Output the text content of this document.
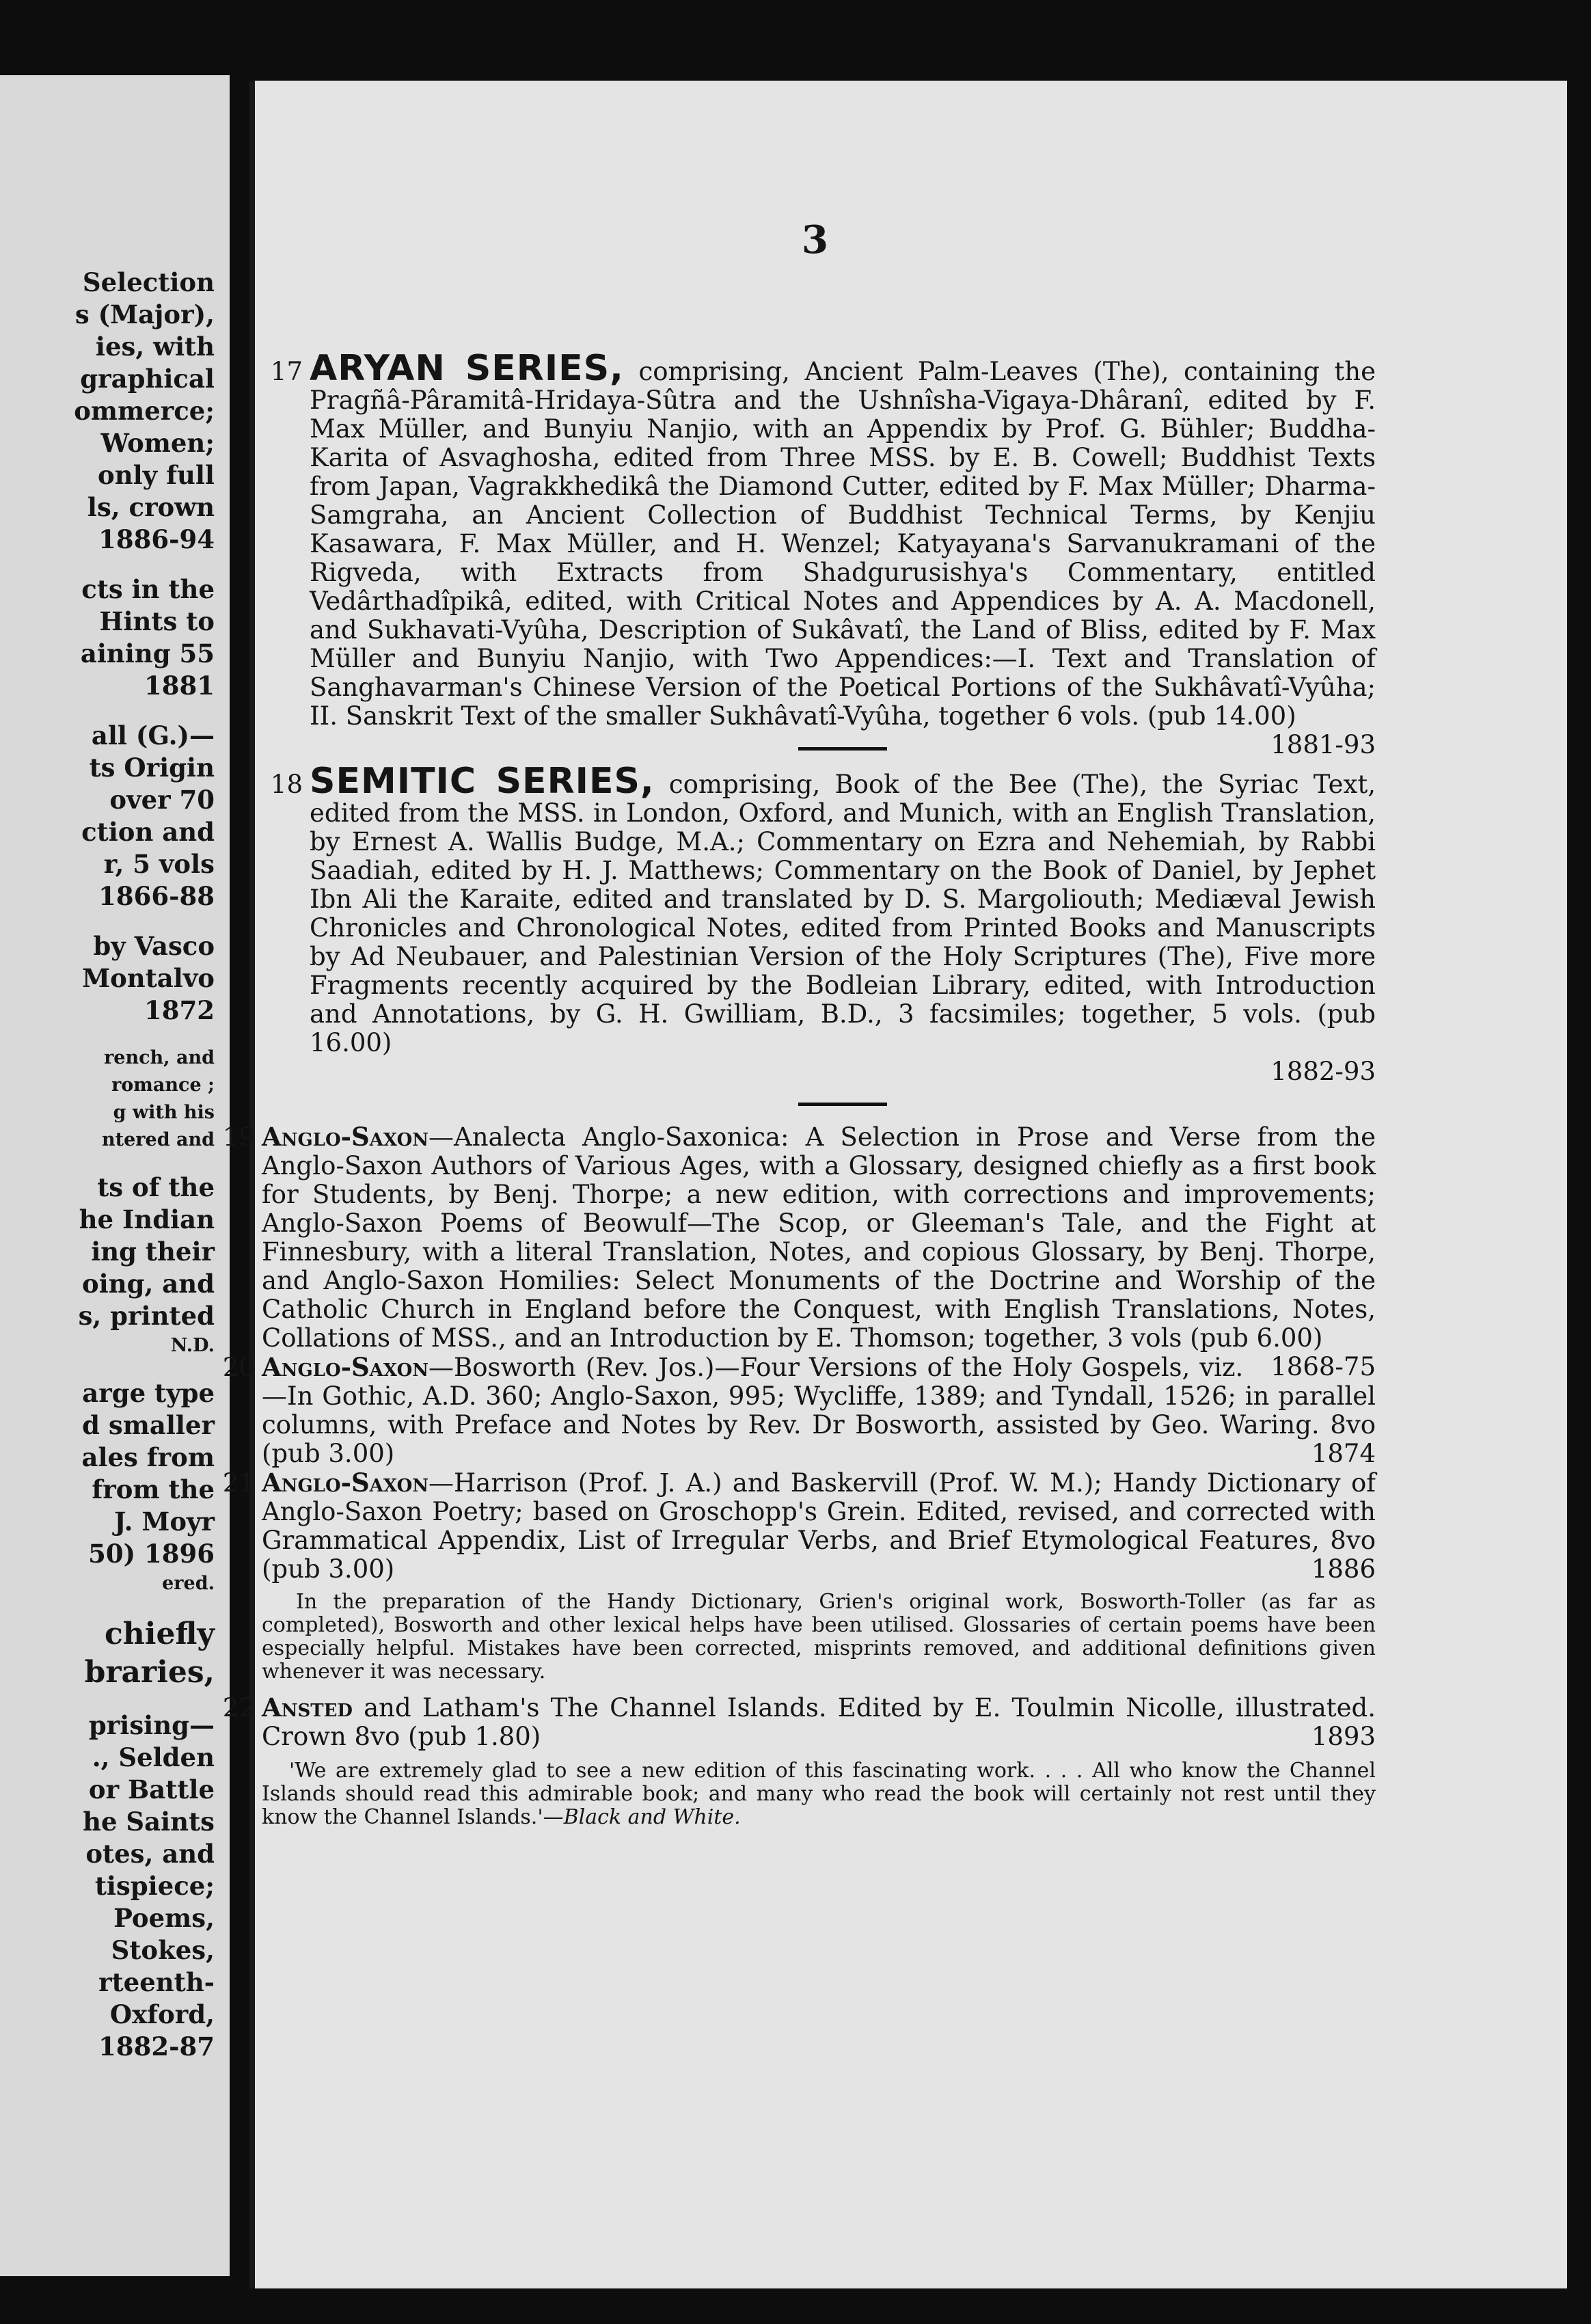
Selection
s (Major),
ies, with
graphical
ommerce;
Women;
only full
ls, crown
1886-94
cts in the
Hints to
aining 55
1881
all (G.)—
ts Origin
over 70
ction and
r, 5 vols
1866-88
by Vasco
Montalvo
1872
rench, and
romance ;
g with his
ntered and
ts of the
he Indian
ing their
oing, and
s, printed
N.D.
arge type
d smaller
ales from
from the
J. Moyr
50) 1896
ered.
chiefly
braries,
prising—
., Selden
or Battle
he Saints
otes, and
tispiece;
Poems,
Stokes,
rteenth-
Oxford,
1882-87
3
17 ARYAN SERIES, comprising, Ancient Palm-Leaves (The), containing the Pragñâ-Pâramitâ-Hridaya-Sûtra and the Ushnîsha-Vigaya-Dhâranî, edited by F. Max Müller, and Bunyiu Nanjio, with an Appendix by Prof. G. Bühler; Buddha-Karita of Asvaghosha, edited from Three MSS. by E. B. Cowell; Buddhist Texts from Japan, Vagrakkhedikâ the Diamond Cutter, edited by F. Max Müller; Dharma-Samgraha, an Ancient Collection of Buddhist Technical Terms, by Kenjiu Kasawara, F. Max Müller, and H. Wenzel; Katyayana's Sarvanukramani of the Rigveda, with Extracts from Shadgurusishya's Commentary, entitled Vedârthadîpikâ, edited, with Critical Notes and Appendices by A. A. Macdonell, and Sukhavati-Vyûha, Description of Sukâvatî, the Land of Bliss, edited by F. Max Müller and Bunyiu Nanjio, with Two Appendices:—I. Text and Translation of Sanghavarman's Chinese Version of the Poetical Portions of the Sukhâvatî-Vyûha; II. Sanskrit Text of the smaller Sukhâvatî-Vyûha, together 6 vols. (pub 14.00)
1881-93
18 SEMITIC SERIES, comprising, Book of the Bee (The), the Syriac Text, edited from the MSS. in London, Oxford, and Munich, with an English Translation, by Ernest A. Wallis Budge, M.A.; Commentary on Ezra and Nehemiah, by Rabbi Saadiah, edited by H. J. Matthews; Commentary on the Book of Daniel, by Jephet Ibn Ali the Karaite, edited and translated by D. S. Margoliouth; Mediæval Jewish Chronicles and Chronological Notes, edited from Printed Books and Manuscripts by Ad Neubauer, and Palestinian Version of the Holy Scriptures (The), Five more Fragments recently acquired by the Bodleian Library, edited, with Introduction and Annotations, by G. H. Gwilliam, B.D., 3 facsimiles; together, 5 vols. (pub 16.00)
1882-93
19 Anglo-Saxon—Analecta Anglo-Saxonica: A Selection in Prose and Verse from the Anglo-Saxon Authors of Various Ages, with a Glossary, designed chiefly as a first book for Students, by Benj. Thorpe; a new edition, with corrections and improvements; Anglo-Saxon Poems of Beowulf—The Scop, or Gleeman's Tale, and the Fight at Finnesbury, with a literal Translation, Notes, and copious Glossary, by Benj. Thorpe, and Anglo-Saxon Homilies: Select Monuments of the Doctrine and Worship of the Catholic Church in England before the Conquest, with English Translations, Notes, Collations of MSS., and an Introduction by E. Thomson; together, 3 vols (pub 6.00)
1868-75
20 Anglo-Saxon—Bosworth (Rev. Jos.)—Four Versions of the Holy Gospels, viz.—In Gothic, A.D. 360; Anglo-Saxon, 995; Wycliffe, 1389; and Tyndall, 1526; in parallel columns, with Preface and Notes by Rev. Dr Bosworth, assisted by Geo. Waring. 8vo (pub 3.00)	1874
21 Anglo-Saxon—Harrison (Prof. J. A.) and Baskervill (Prof. W. M.); Handy Dictionary of Anglo-Saxon Poetry; based on Groschopp's Grein. Edited, revised, and corrected with Grammatical Appendix, List of Irregular Verbs, and Brief Etymological Features, 8vo (pub 3.00)	1886
In the preparation of the Handy Dictionary, Grien's original work, Bosworth-Toller (as far as completed), Bosworth and other lexical helps have been utilised. Glossaries of certain poems have been especially helpful. Mistakes have been corrected, misprints removed, and additional definitions given whenever it was necessary.
22 Ansted and Latham's The Channel Islands. Edited by E. Toulmin Nicolle, illustrated. Crown 8vo (pub 1.80)	1893
'We are extremely glad to see a new edition of this fascinating work. . . . All who know the Channel Islands should read this admirable book; and many who read the book will certainly not rest until they know the Channel Islands.'—Black and White.
